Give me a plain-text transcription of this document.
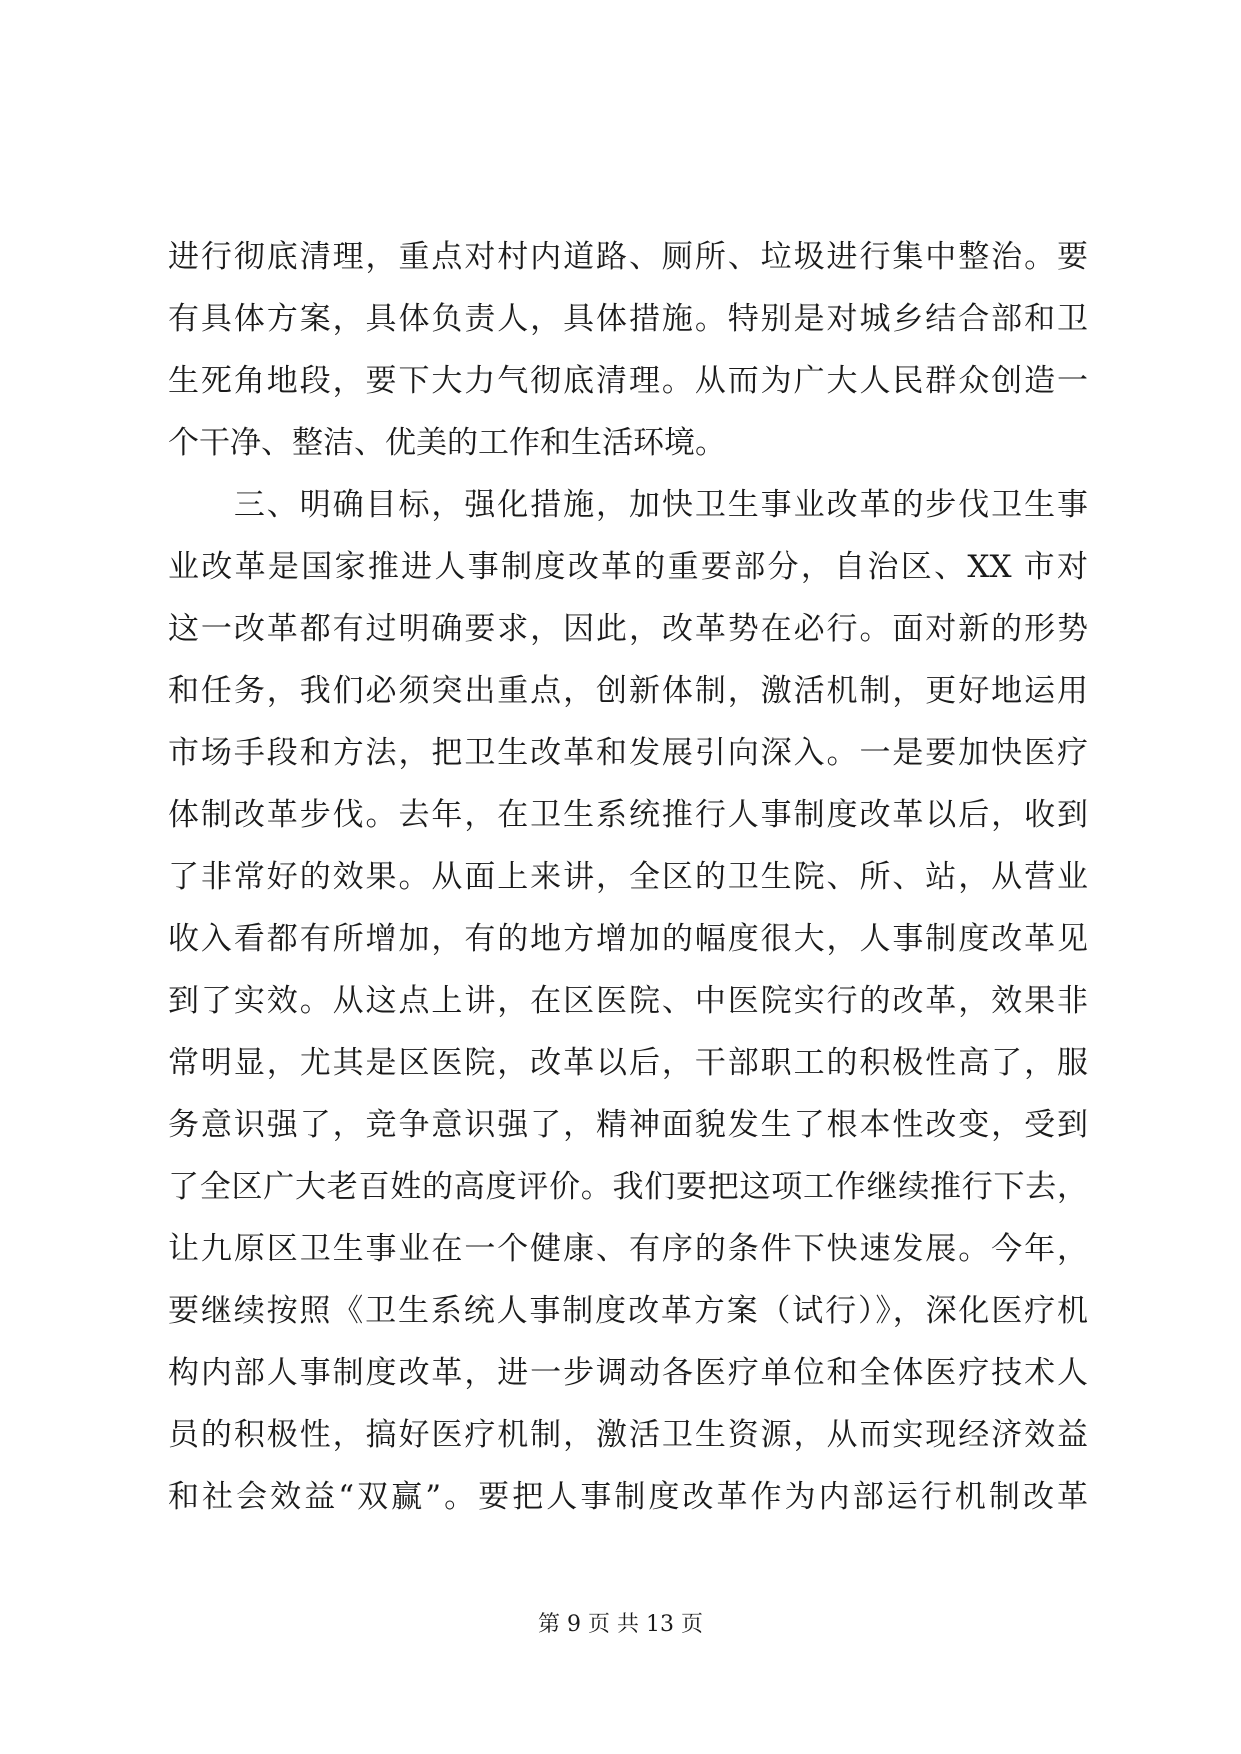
进行彻底清理，重点对村内道路、厕所、垃圾进行集中整治。要
有具体方案，具体负责人，具体措施。特别是对城乡结合部和卫
生死角地段，要下大力气彻底清理。从而为广大人民群众创造一
个干净、整洁、优美的工作和生活环境。
　　三、明确目标，强化措施，加快卫生事业改革的步伐卫生事
业改革是国家推进人事制度改革的重要部分，自治区、XX 市对
这一改革都有过明确要求，因此，改革势在必行。面对新的形势
和任务，我们必须突出重点，创新体制，激活机制，更好地运用
市场手段和方法，把卫生改革和发展引向深入。一是要加快医疗
体制改革步伐。去年，在卫生系统推行人事制度改革以后，收到
了非常好的效果。从面上来讲，全区的卫生院、所、站，从营业
收入看都有所增加，有的地方增加的幅度很大，人事制度改革见
到了实效。从这点上讲，在区医院、中医院实行的改革，效果非
常明显，尤其是区医院，改革以后，干部职工的积极性高了，服
务意识强了，竞争意识强了，精神面貌发生了根本性改变，受到
了全区广大老百姓的高度评价。我们要把这项工作继续推行下去，
让九原区卫生事业在一个健康、有序的条件下快速发展。今年，
要继续按照《卫生系统人事制度改革方案（试行）》，深化医疗机
构内部人事制度改革，进一步调动各医疗单位和全体医疗技术人
员的积极性，搞好医疗机制，激活卫生资源，从而实现经济效益
和社会效益“双赢”。要把人事制度改革作为内部运行机制改革
第 9 页 共 13 页
